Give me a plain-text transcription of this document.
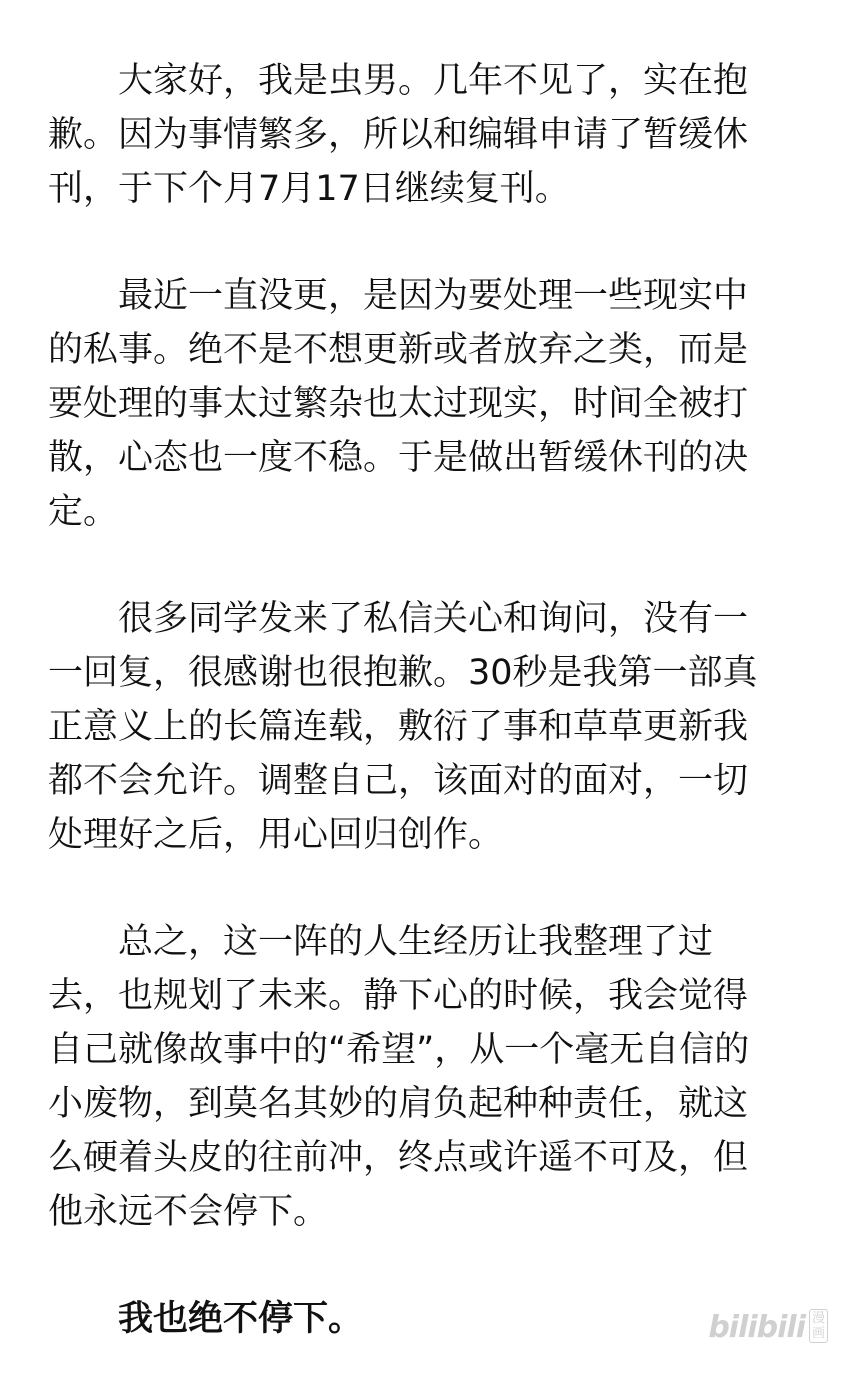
大家好，我是虫男。几年不见了，实在抱歉。因为事情繁多，所以和编辑申请了暂缓休刊，于下个月7月17日继续复刊。

最近一直没更，是因为要处理一些现实中的私事。绝不是不想更新或者放弃之类，而是要处理的事太过繁杂也太过现实，时间全被打散，心态也一度不稳。于是做出暂缓休刊的决定。

很多同学发来了私信关心和询问，没有一一回复，很感谢也很抱歉。30秒是我第一部真正意义上的长篇连载，敷衍了事和草草更新我都不会允许。调整自己，该面对的面对，一切处理好之后，用心回归创作。

总之，这一阵的人生经历让我整理了过去，也规划了未来。静下心的时候，我会觉得自己就像故事中的“希望”，从一个毫无自信的小废物，到莫名其妙的肩负起种种责任，就这么硬着头皮的往前冲，终点或许遥不可及，但他永远不会停下。

我也绝不停下。	bilibili 漫
画
